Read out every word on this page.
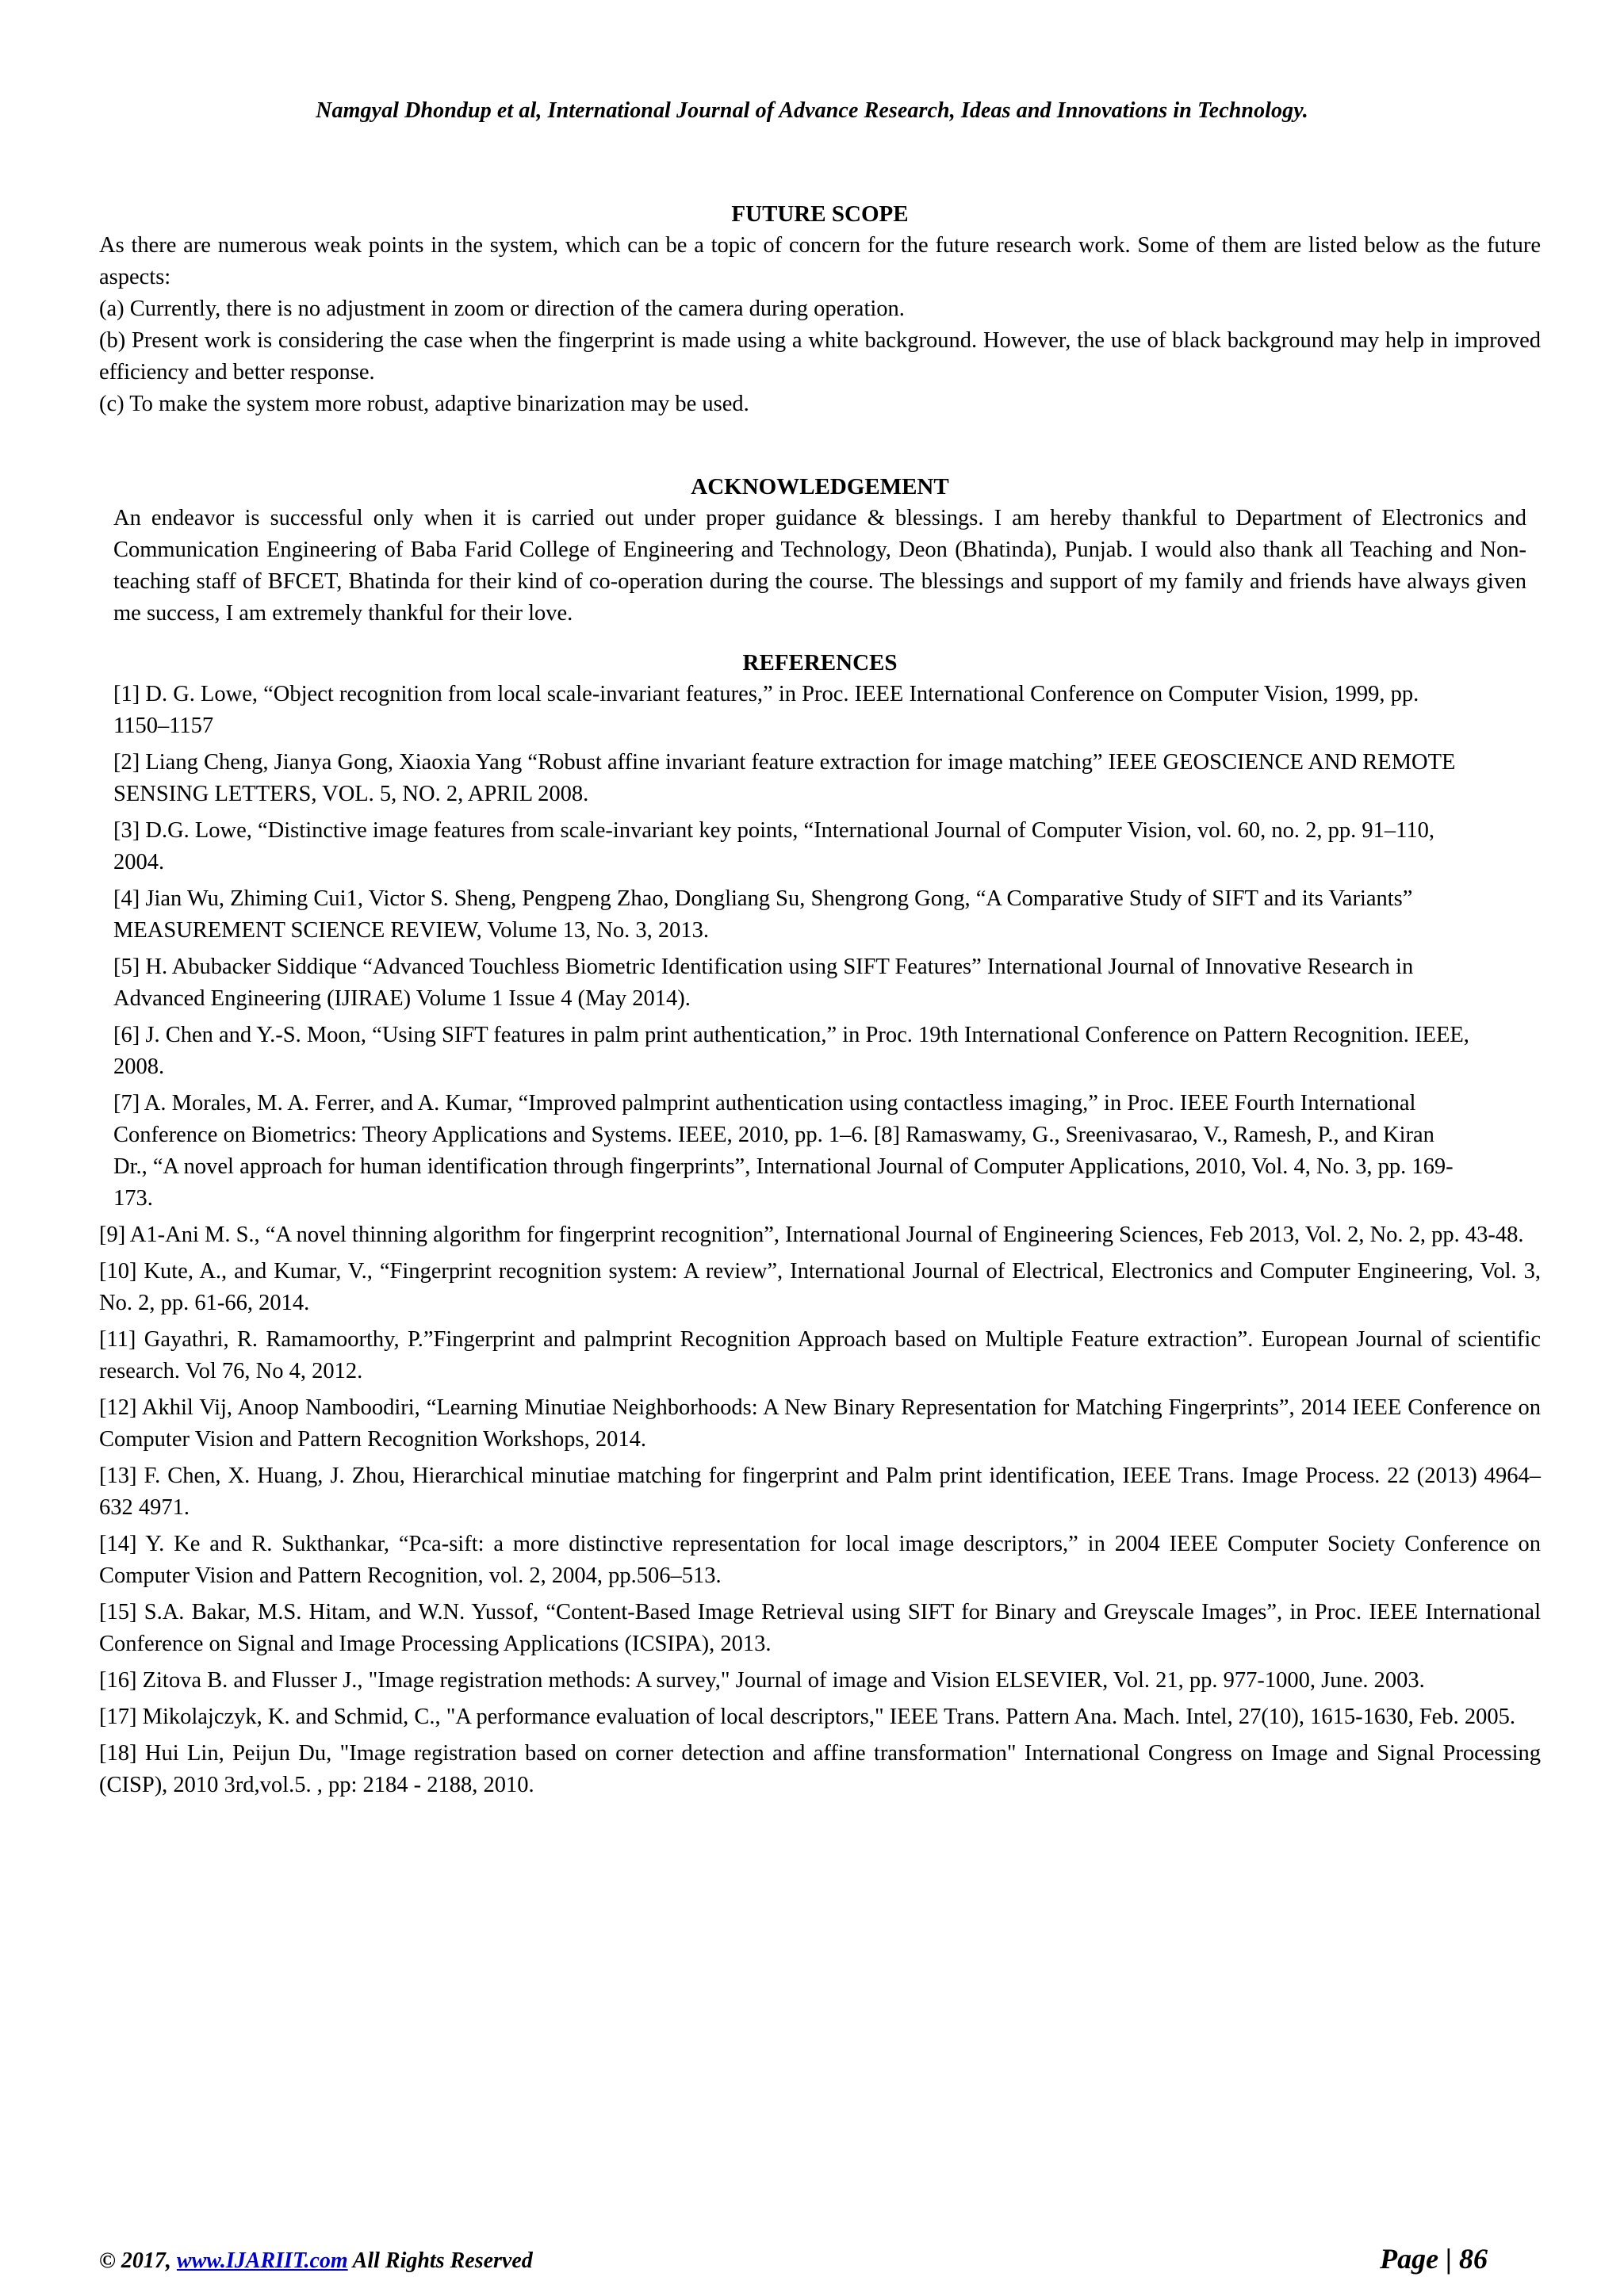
Namgyal Dhondup et al, International Journal of Advance Research, Ideas and Innovations in Technology.
FUTURE SCOPE

As there are numerous weak points in the system, which can be a topic of concern for the future research work. Some of them are listed below as the future aspects:

(a) Currently, there is no adjustment in zoom or direction of the camera during operation.

(b) Present work is considering the case when the fingerprint is made using a white background. However, the use of black background may help in improved efficiency and better response.

(c) To make the system more robust, adaptive binarization may be used.

ACKNOWLEDGEMENT

An endeavor is successful only when it is carried out under proper guidance & blessings. I am hereby thankful to Department of Electronics and Communication Engineering of Baba Farid College of Engineering and Technology, Deon (Bhatinda), Punjab. I would also thank all Teaching and Non-teaching staff of BFCET, Bhatinda for their kind of co-operation during the course. The blessings and support of my family and friends have always given me success, I am extremely thankful for their love.

REFERENCES

[1] D. G. Lowe, “Object recognition from local scale-invariant features,” in Proc. IEEE International Conference on Computer Vision, 1999, pp. 1150–1157

[2] Liang Cheng, Jianya Gong, Xiaoxia Yang “Robust affine invariant feature extraction for image matching” IEEE GEOSCIENCE AND REMOTE SENSING LETTERS, VOL. 5, NO. 2, APRIL 2008.

[3] D.G. Lowe, “Distinctive image features from scale-invariant key points, “International Journal of Computer Vision, vol. 60, no. 2, pp. 91–110, 2004.

[4] Jian Wu, Zhiming Cui1, Victor S. Sheng, Pengpeng Zhao, Dongliang Su, Shengrong Gong, “A Comparative Study of SIFT and its Variants” MEASUREMENT SCIENCE REVIEW, Volume 13, No. 3, 2013.

[5] H. Abubacker Siddique “Advanced Touchless Biometric Identification using SIFT Features” International Journal of Innovative Research in Advanced Engineering (IJIRAE) Volume 1 Issue 4 (May 2014).

[6] J. Chen and Y.-S. Moon, “Using SIFT features in palm print authentication,” in Proc. 19th International Conference on Pattern Recognition. IEEE, 2008.

[7] A. Morales, M. A. Ferrer, and A. Kumar, “Improved palmprint authentication using contactless imaging,” in Proc. IEEE Fourth International Conference on Biometrics: Theory Applications and Systems. IEEE, 2010, pp. 1–6. [8] Ramaswamy, G., Sreenivasarao, V., Ramesh, P., and Kiran Dr., “A novel approach for human identification through fingerprints”, International Journal of Computer Applications, 2010, Vol. 4, No. 3, pp. 169-173.

[9] A1-Ani M. S., “A novel thinning algorithm for fingerprint recognition”, International Journal of Engineering Sciences, Feb 2013, Vol. 2, No. 2, pp. 43-48.

[10] Kute, A., and Kumar, V., “Fingerprint recognition system: A review”, International Journal of Electrical, Electronics and Computer Engineering, Vol. 3, No. 2, pp. 61-66, 2014.

[11] Gayathri, R. Ramamoorthy, P.”Fingerprint and palmprint Recognition Approach based on Multiple Feature extraction”. European Journal of scientific research. Vol 76, No 4, 2012.

[12] Akhil Vij, Anoop Namboodiri, “Learning Minutiae Neighborhoods: A New Binary Representation for Matching Fingerprints”, 2014 IEEE Conference on Computer Vision and Pattern Recognition Workshops, 2014.

[13] F. Chen, X. Huang, J. Zhou, Hierarchical minutiae matching for fingerprint and Palm print identification, IEEE Trans. Image Process. 22 (2013) 4964– 632 4971.

[14] Y. Ke and R. Sukthankar, “Pca-sift: a more distinctive representation for local image descriptors,” in 2004 IEEE Computer Society Conference on Computer Vision and Pattern Recognition, vol. 2, 2004, pp.506–513.

[15] S.A. Bakar, M.S. Hitam, and W.N. Yussof, “Content-Based Image Retrieval using SIFT for Binary and Greyscale Images”, in Proc. IEEE International Conference on Signal and Image Processing Applications (ICSIPA), 2013.

[16] Zitova B. and Flusser J., "Image registration methods: A survey," Journal of image and Vision ELSEVIER, Vol. 21, pp. 977-1000, June. 2003.

[17] Mikolajczyk, K. and Schmid, C., "A performance evaluation of local descriptors," IEEE Trans. Pattern Ana. Mach. Intel, 27(10), 1615-1630, Feb. 2005.

[18] Hui Lin, Peijun Du, "Image registration based on corner detection and affine transformation" International Congress on Image and Signal Processing (CISP), 2010 3rd,vol.5. , pp: 2184 - 2188, 2010.

© 2017, www.IJARIIT.com All Rights Reserved	Page | 86
